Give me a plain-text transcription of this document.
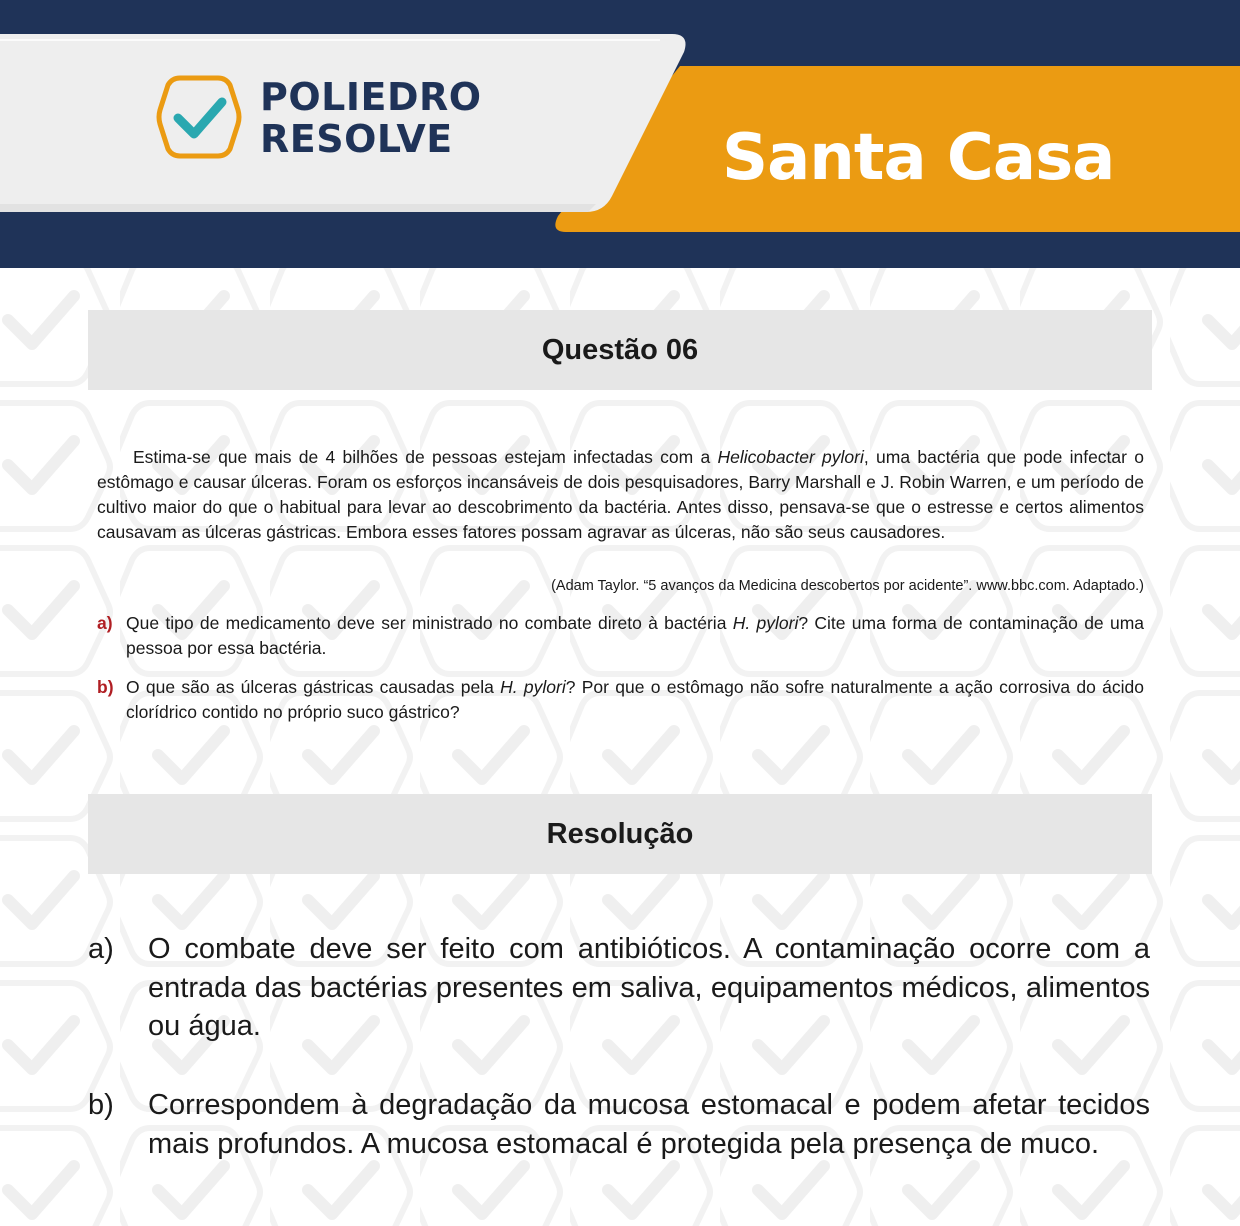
POLIEDRO
RESOLVE	Santa Casa
Questão 06

Estima-se que mais de 4 bilhões de pessoas estejam infectadas com a Helicobacter pylori, uma bactéria que pode infectar o estômago e causar úlceras. Foram os esforços incansáveis de dois pesquisadores, Barry Marshall e J. Robin Warren, e um período de cultivo maior do que o habitual para levar ao descobrimento da bactéria. Antes disso, pensava-se que o estresse e certos alimentos causavam as úlceras gástricas. Embora esses fatores possam agravar as úlceras, não são seus causadores.

(Adam Taylor. “5 avanços da Medicina descobertos por acidente”. www.bbc.com. Adaptado.)
a) Que tipo de medicamento deve ser ministrado no combate direto à bactéria H. pylori? Cite uma forma de contaminação de uma pessoa por essa bactéria.
b) O que são as úlceras gástricas causadas pela H. pylori? Por que o estômago não sofre naturalmente a ação corrosiva do ácido clorídrico contido no próprio suco gástrico?
Resolução
a)	O combate deve ser feito com antibióticos. A contaminação ocorre com a entrada das bactérias presentes em saliva, equipamentos médicos, alimentos ou água.
b)	Correspondem à degradação da mucosa estomacal e podem afetar tecidos mais profundos. A mucosa estomacal é protegida pela presença de muco.
